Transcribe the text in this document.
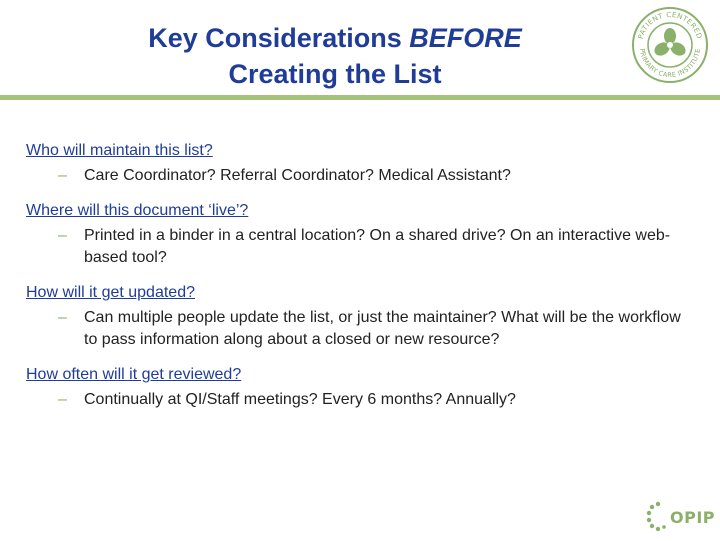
Key Considerations BEFORE
Creating the List
PATIENT CENTERED
PRIMARY CARE INSTITUTE

Who will maintain this list?

– Care Coordinator? Referral Coordinator? Medical Assistant?

Where will this document ‘live’?

– Printed in a binder in a central location? On a shared drive? On an interactive web-based tool?

How will it get updated?

– Can multiple people update the list, or just the maintainer? What will be the workflow to pass information along about a closed or new resource?

How often will it get reviewed?

– Continually at QI/Staff meetings? Every 6 months? Annually?
OPIP
